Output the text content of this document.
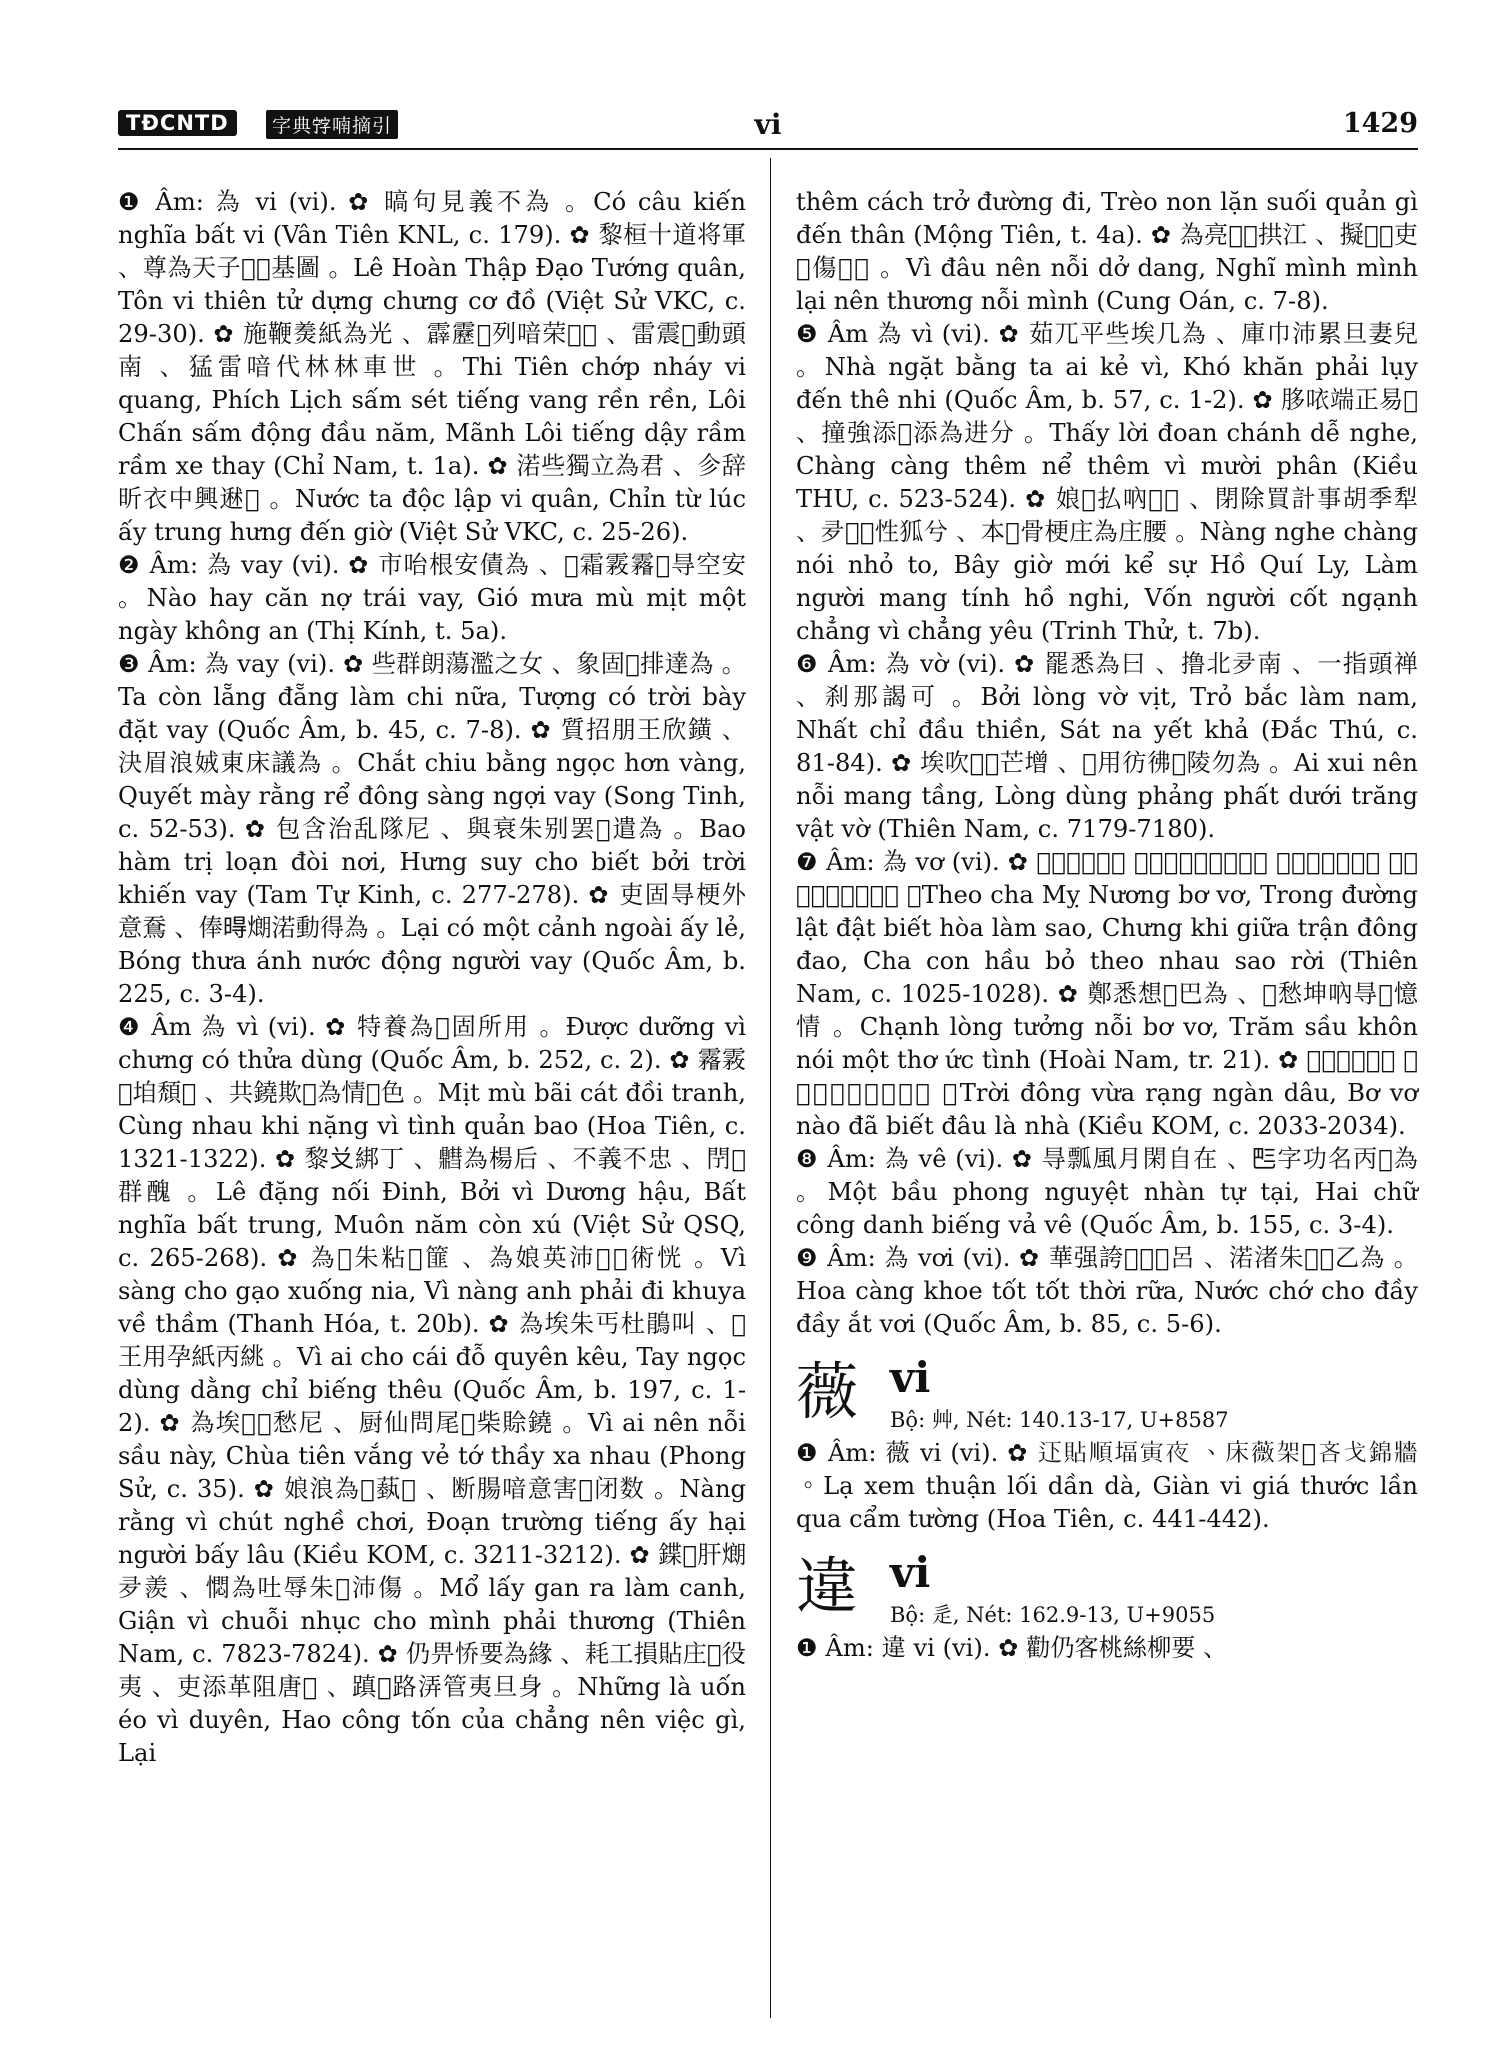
TĐCNTD	字典𡨸喃摘引	vi	1429

❶ Âm: 為 vi (vi). ✿ 𣉞句見義不為 。Có câu kiến nghĩa bất vi (Vân Tiên KNL, c. 179). ✿ 黎桓十道将軍 、尊為天子𣦍𦋦基圖 。Lê Hoàn Thập Đạo Tướng quân, Tôn vi thiên tử dựng chưng cơ đồ (Việt Sử VKC, c. 29-30). ✿ 施鞭㷢紙為光 、霹靂𩄲列喑荣𣛠𣛠 、雷震𩄲動頭南 、猛雷喑代林林車世 。Thi Tiên chớp nháy vi quang, Phích Lịch sấm sét tiếng vang rền rền, Lôi Chấn sấm động đầu năm, Mãnh Lôi tiếng dậy rầm rầm xe thay (Chỉ Nam, t. 1a). ✿ 渃些獨立為君 、㐱辞昕衣中興䢤𣇞 。Nước ta độc lập vi quân, Chỉn từ lúc ấy trung hưng đến giờ (Việt Sử VKC, c. 25-26).

❷ Âm: 為 vay (vi). ✿ 市咍根安債為 、𩙌霜霚霿𡗋㝵空安 。Nào hay căn nợ trái vay, Gió mưa mù mịt một ngày không an (Thị Kính, t. 5a).

❸ Âm: 為 vay (vi). ✿ 些群朗蕩濫之女 、象固𡗶排達為 。Ta còn lẵng đẵng làm chi nữa, Tượng có trời bày đặt vay (Quốc Âm, b. 45, c. 7-8). ✿ 質招朋王欣鐄 、決眉浪娀東床議為 。Chắt chiu bằng ngọc hơn vàng, Quyết mày rằng rể đông sàng ngợi vay (Song Tinh, c. 52-53). ✿ 包含治乱隊尼 、與衰朱别罢𡗶遣為 。Bao hàm trị loạn đòi nơi, Hưng suy cho biết bởi trời khiến vay (Tam Tự Kinh, c. 277-278). ✿ 吏固㝵梗外意鴌 、俸𣈜𤎜渃動得為 。Lại có một cảnh ngoài ấy lẻ, Bóng thưa ánh nước động người vay (Quốc Âm, b. 225, c. 3-4).

❹ Âm 為 vì (vi). ✿ 特養為𤇊固所用 。Được dưỡng vì chưng có thửa dùng (Quốc Âm, b. 252, c. 2). ✿ 霿霚𡑖垍頹𦬑 、共鐃欺𥗐為情𠶓色 。Mịt mù bãi cát đồi tranh, Cùng nhau khi nặng vì tình quản bao (Hoa Tiên, c. 1321-1322). ✿ 黎𠬠綁丁 、䵻為楊后 、不義不忠 、閅𢀭群醜 。Lê đặng nối Đinh, Bởi vì Dương hậu, Bất nghĩa bất trung, Muôn năm còn xú (Việt Sử QSQ, c. 265-268). ✿ 為𤇮朱粘𠖾篚 、為娘英沛𡗐𢬺術恍 。Vì sàng cho gạo xuống nia, Vì nàng anh phải đi khuya về thầm (Thanh Hóa, t. 20b). ✿ 為埃朱丐杜鵑叫 、𢬣王用孕紙丙絩 。Vì ai cho cái đỗ quyên kêu, Tay ngọc dùng dằng chỉ biếng thêu (Quốc Âm, b. 197, c. 1-2). ✿ 為埃𣦍𣵰愁尼 、厨仙問尾𠊛柴賒鐃 。Vì ai nên nỗi sầu này, Chùa tiên vắng vẻ tớ thầy xa nhau (Phong Sử, c. 35). ✿ 娘浪為𡗐蓺𨔈 、断腸喑意害𠊛闭数 。Nàng rằng vì chút nghề chơi, Đoạn trường tiếng ấy hại người bấy lâu (Kiều KOM, c. 3211-3212). ✿ 鍱𣘃肝𤎜夛羨 、㦖為吐辱朱𠳨沛傷 。Mổ lấy gan ra làm canh, Giận vì chuỗi nhục cho mình phải thương (Thiên Nam, c. 7823-7824). ✿ 仍畀㤭要為緣 、耗工損貼庄𣦍役夷 、吏添革阻唐𢬺 、蹎𡛔路㳥管夷旦身 。Những là uốn éo vì duyên, Hao công tốn của chẳng nên việc gì, Lại

thêm cách trở đường đi, Trèo non lặn suối quản gì đến thân (Mộng Tiên, t. 4a). ✿ 為亮𣦍𣵰拱江 、擬𠳨𠳨吏𣦍傷𣵰𠳨 。Vì đâu nên nỗi dở dang, Nghĩ mình mình lại nên thương nỗi mình (Cung Oán, c. 7-8).

❺ Âm 為 vì (vi). ✿ 茹兀平些埃几為 、庫巾沛累旦妻兒 。Nhà ngặt bằng ta ai kẻ vì, Khó khăn phải lụy đến thê nhi (Quốc Âm, b. 57, c. 1-2). ✿ 䏧𠲖端正易𦖑 、撞強添𠇍添為进分 。Thấy lời đoan chánh dễ nghe, Chàng càng thêm nể thêm vì mười phân (Kiều THU, c. 523-524). ✿ 娘𦖑払吶𡮈𡚝 、閉除買計事胡季犁 、夛𠊛𢬴性狐兮 、本𠊛骨梗庄為庄腰 。Nàng nghe chàng nói nhỏ to, Bây giờ mới kể sự Hồ Quí Ly, Làm người mang tính hồ nghi, Vốn người cốt ngạnh chẳng vì chẳng yêu (Trinh Thử, t. 7b).

❻ Âm: 為 vờ (vi). ✿ 罷悉為曰 、撸北夛南 、一指頭禅 、刹那謁可 。Bởi lòng vờ vịt, Trỏ bắc làm nam, Nhất chỉ đầu thiền, Sát na yết khả (Đắc Thú, c. 81-84). ✿ 埃吹𣦍𢭸芒增 、𦎛用彷彿𨁫陵勿為 。Ai xui nên nỗi mang tầng, Lòng dùng phảng phất dưới trăng vật vờ (Thiên Nam, c. 7179-7180).

❼ Âm: 為 vơ (vi). ✿ 𨀈吒媚娘𠰳為 、工唐𤀗撻别和夛牢 、蒸欺𨁪陣同刀 、吒昆俣補𨀈鐃牢移 。Theo cha Mỵ Nương bơ vơ, Trong đường lật đật biết hòa làm sao, Chưng khi giữa trận đông đao, Cha con hầu bỏ theo nhau sao rời (Thiên Nam, c. 1025-1028). ✿ 鄭悉想𣵰巴為 、𢝙愁坤吶㝵𠻃憶情 。Chạnh lòng tưởng nỗi bơ vơ, Trăm sầu khôn nói một thơ ức tình (Hoài Nam, tr. 21). ✿ 𡗶東皮𥻸岸桄 、巴為市𢀭别兜畀茄 。Trời đông vừa rạng ngàn dâu, Bơ vơ nào đã biết đâu là nhà (Kiều KOM, c. 2033-2034).

❽ Âm: 為 vê (vi). ✿ 㝵瓢風月閑自在 、𠀧字功名丙𠴙為 。Một bầu phong nguyệt nhàn tự tại, Hai chữ công danh biếng vả vê (Quốc Âm, b. 155, c. 3-4).

❾ Âm: 為 vơi (vi). ✿ 華强誇𡨌𡨌𣈘呂 、渃渚朱𠫾𠫾乙為 。Hoa càng khoe tốt tốt thời rữa, Nước chớ cho đầy đầy ắt vơi (Quốc Âm, b. 85, c. 5-6).

薇 vi
Bộ: 艸, Nét: 140.13-17, U+8587

❶ Âm: 薇 vi (vi). ✿ 𨑜貼順堛寅夜 、床薇架𦬑吝戈錦牆 。Lạ xem thuận lối dần dà, Giàn vi giá thước lần qua cẩm tường (Hoa Tiên, c. 441-442).

違 vi
Bộ: 辵, Nét: 162.9-13, U+9055

❶ Âm: 違 vi (vi). ✿ 勸仍客桃絲柳要 、
